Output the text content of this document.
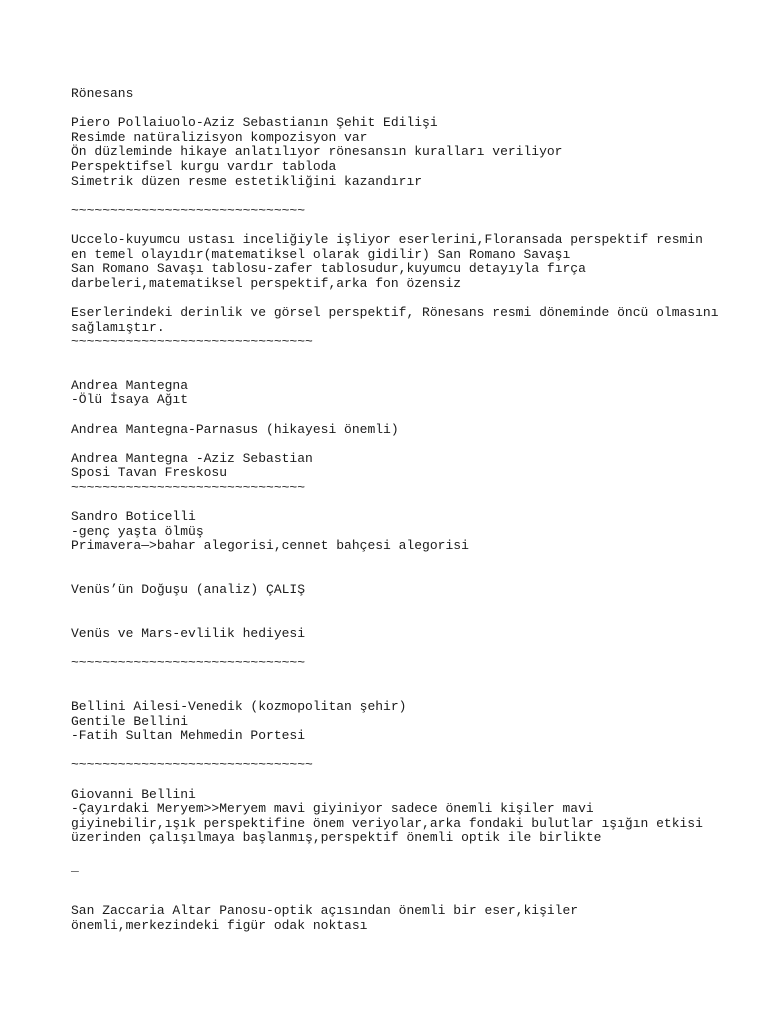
Rönesans
Piero Pollaiuolo-Aziz Sebastianın Şehit Edilişi
Resimde natüralizisyon kompozisyon var
Ön düzleminde hikaye anlatılıyor rönesansın kuralları veriliyor
Perspektifsel kurgu vardır tabloda
Simetrik düzen resme estetikliğini kazandırır
~~~~~~~~~~~~~~~~~~~~~~~~~~~~~~
Uccelo-kuyumcu ustası inceliğiyle işliyor eserlerini,Floransada perspektif resmin
en temel olayıdır(matematiksel olarak gidilir) San Romano Savaşı
San Romano Savaşı tablosu-zafer tablosudur,kuyumcu detayıyla fırça
darbeleri,matematiksel perspektif,arka fon özensiz
Eserlerindeki derinlik ve görsel perspektif, Rönesans resmi döneminde öncü olmasını
sağlamıştır.
~~~~~~~~~~~~~~~~~~~~~~~~~~~~~~~
Andrea Mantegna
-Ölü İsaya Ağıt
Andrea Mantegna-Parnasus (hikayesi önemli)
Andrea Mantegna -Aziz Sebastian
Sposi Tavan Freskosu
~~~~~~~~~~~~~~~~~~~~~~~~~~~~~~
Sandro Boticelli
-genç yaşta ölmüş
Primavera—>bahar alegorisi,cennet bahçesi alegorisi
Venüs’ün Doğuşu (analiz) ÇALIŞ
Venüs ve Mars-evlilik hediyesi
~~~~~~~~~~~~~~~~~~~~~~~~~~~~~~
Bellini Ailesi-Venedik (kozmopolitan şehir)
Gentile Bellini
-Fatih Sultan Mehmedin Portesi
~~~~~~~~~~~~~~~~~~~~~~~~~~~~~~~
Giovanni Bellini
-Çayırdaki Meryem>>Meryem mavi giyiniyor sadece önemli kişiler mavi
giyinebilir,ışık perspektifine önem veriyolar,arka fondaki bulutlar ışığın etkisi
üzerinden çalışılmaya başlanmış,perspektif önemli optik ile birlikte
_
San Zaccaria Altar Panosu-optik açısından önemli bir eser,kişiler
önemli,merkezindeki figür odak noktası
